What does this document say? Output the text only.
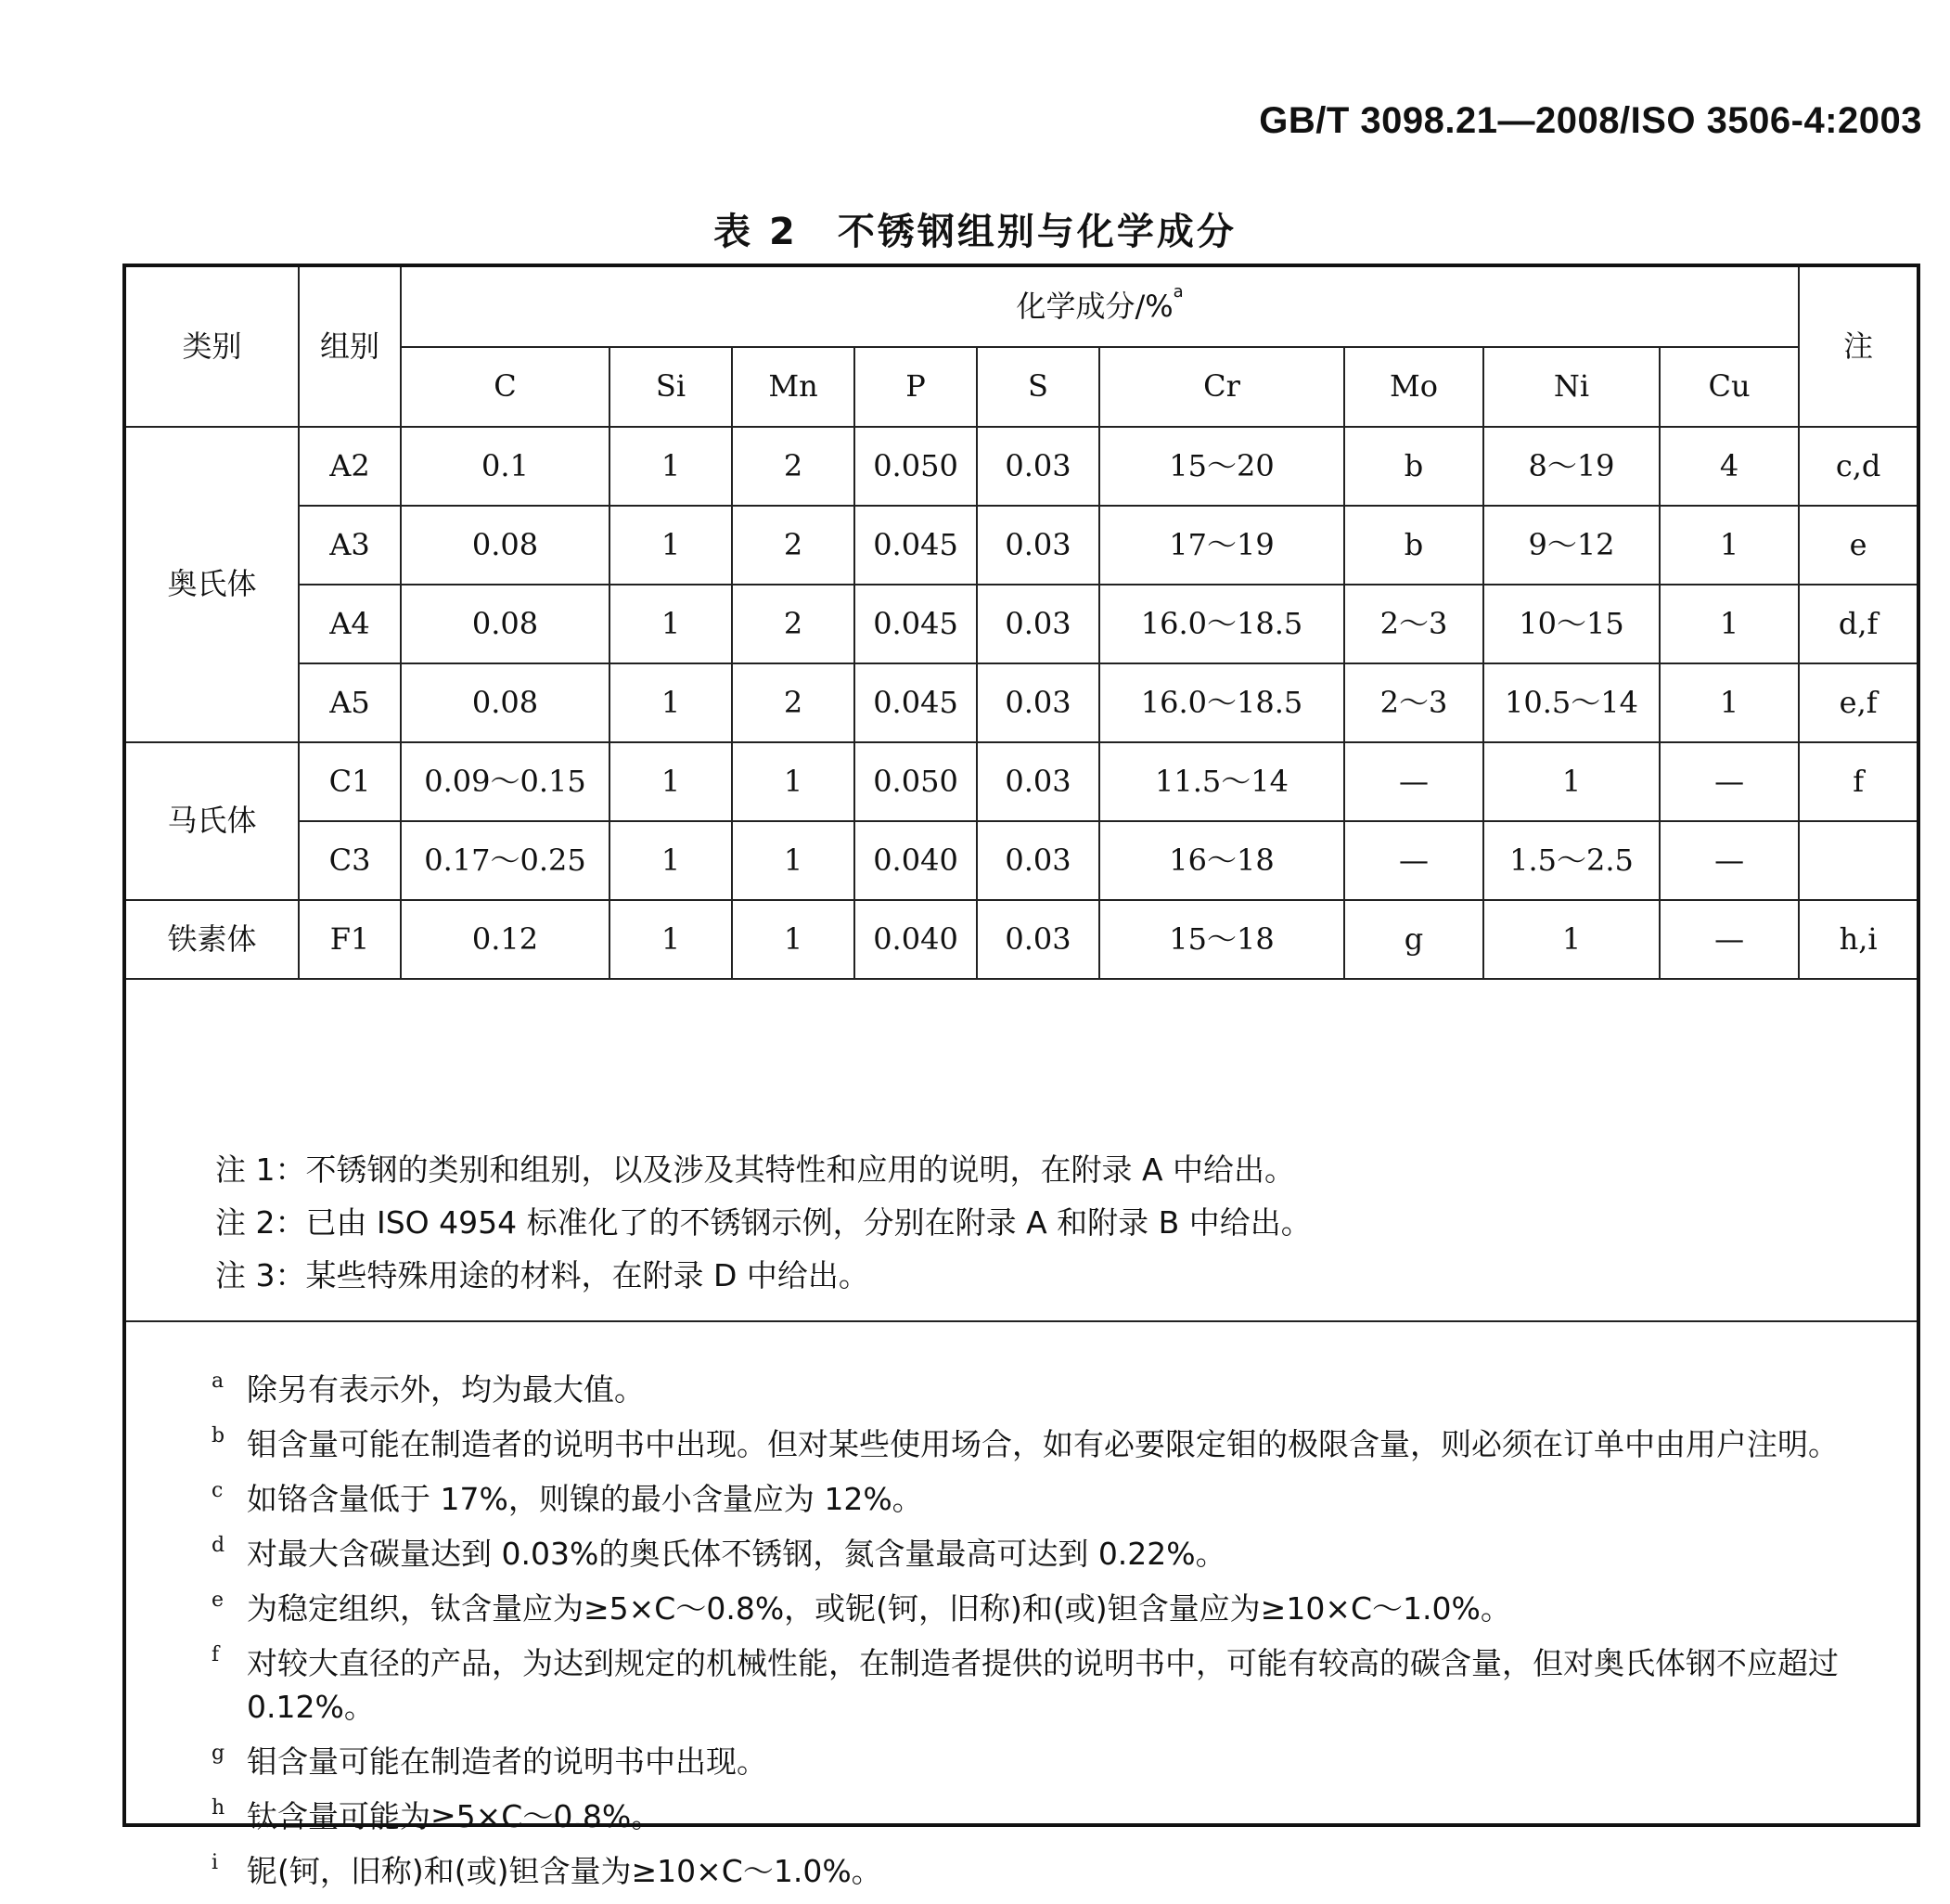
GB/T 3098.21—2008/ISO 3506-4:2003
表 2　不锈钢组别与化学成分
类别	组别	化学成分/%$^a$									注
		C	Si	Mn	P	S	Cr	Mo	Ni	Cu	
奥氏体	A2	0.1	1	2	0.050	0.03	15～20	b	8～19	4	c,d
	A3	0.08	1	2	0.045	0.03	17～19	b	9～12	1	e
	A4	0.08	1	2	0.045	0.03	16.0～18.5	2～3	10～15	1	d,f
	A5	0.08	1	2	0.045	0.03	16.0～18.5	2～3	10.5～14	1	e,f
马氏体	C1	0.09～0.15	1	1	0.050	0.03	11.5～14	—	1	—	f
	C3	0.17～0.25	1	1	0.040	0.03	16～18	—	1.5～2.5	—	
铁素体	F1	0.12	1	1	0.040	0.03	15～18	g	1	—	h,i
注 1：不锈钢的类别和组别，以及涉及其特性和应用的说明，在附录 A 中给出。
注 2：已由 ISO 4954 标准化了的不锈钢示例，分别在附录 A 和附录 B 中给出。
注 3：某些特殊用途的材料，在附录 D 中给出。
a 除另有表示外，均为最大值。
b 钼含量可能在制造者的说明书中出现。但对某些使用场合，如有必要限定钼的极限含量，则必须在订单中由用户注明。
c 如铬含量低于 17%，则镍的最小含量应为 12%。
d 对最大含碳量达到 0.03%的奥氏体不锈钢，氮含量最高可达到 0.22%。
e 为稳定组织，钛含量应为≥5×C～0.8%，或铌(钶，旧称)和(或)钽含量应为≥10×C～1.0%。
f 对较大直径的产品，为达到规定的机械性能，在制造者提供的说明书中，可能有较高的碳含量，但对奥氏体钢不应超过 0.12%。
g 钼含量可能在制造者的说明书中出现。
h 钛含量可能为≥5×C～0.8%。
i 铌(钶，旧称)和(或)钽含量为≥10×C～1.0%。
